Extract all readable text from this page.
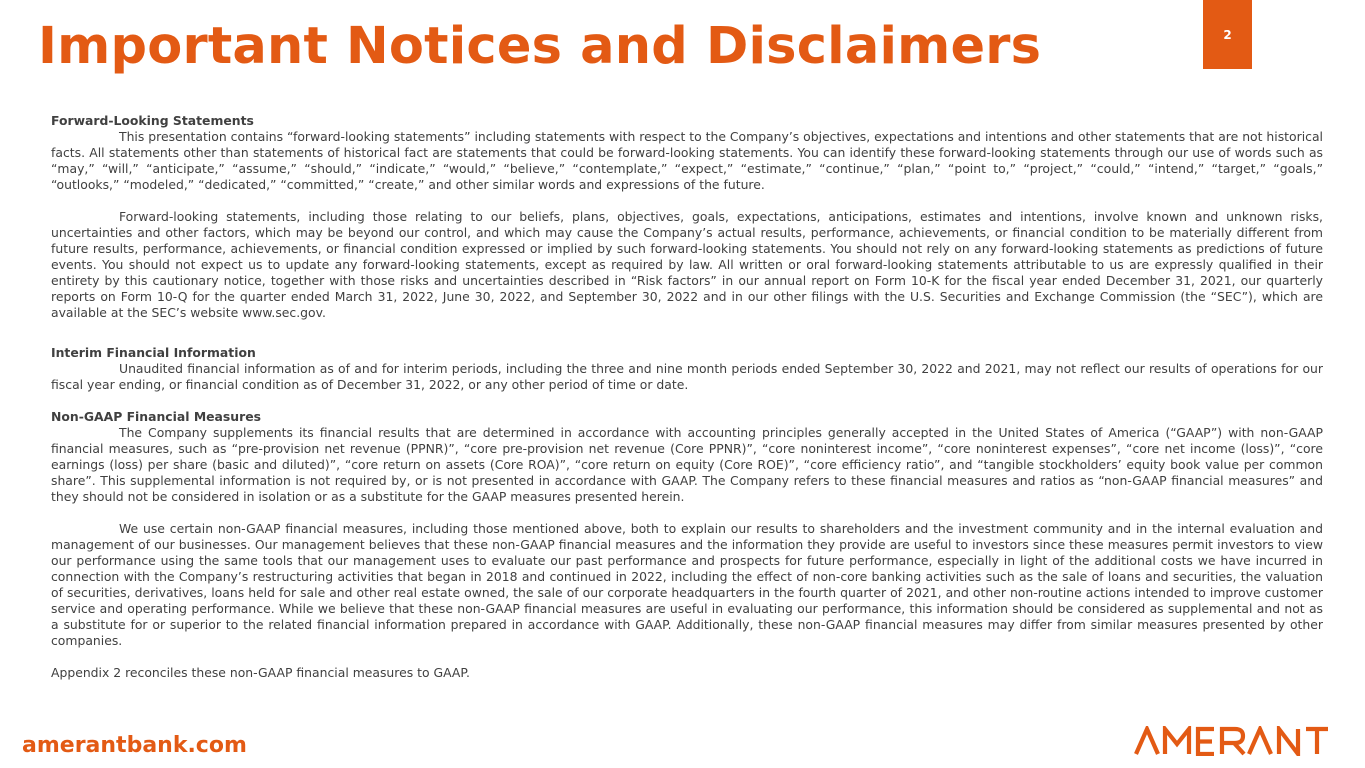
Important Notices and Disclaimers	2

Forward-Looking Statements

This presentation contains “forward-looking statements” including statements with respect to the Company’s objectives, expectations and intentions and other statements that are not historical facts. All statements other than statements of historical fact are statements that could be forward-looking statements. You can identify these forward-looking statements through our use of words such as “may,” “will,” “anticipate,” “assume,” “should,” “indicate,” “would,” “believe,” “contemplate,” “expect,” “estimate,” “continue,” “plan,” “point to,” “project,” “could,” “intend,” “target,” “goals,” “outlooks,” “modeled,” “dedicated,” “committed,” “create,” and other similar words and expressions of the future.

Forward-looking statements, including those relating to our beliefs, plans, objectives, goals, expectations, anticipations, estimates and intentions, involve known and unknown risks, uncertainties and other factors, which may be beyond our control, and which may cause the Company’s actual results, performance, achievements, or financial condition to be materially different from future results, performance, achievements, or financial condition expressed or implied by such forward-looking statements. You should not rely on any forward-looking statements as predictions of future events. You should not expect us to update any forward-looking statements, except as required by law. All written or oral forward-looking statements attributable to us are expressly qualified in their entirety by this cautionary notice, together with those risks and uncertainties described in “Risk factors” in our annual report on Form 10-K for the fiscal year ended December 31, 2021, our quarterly reports on Form 10-Q for the quarter ended March 31, 2022, June 30, 2022, and September 30, 2022 and in our other filings with the U.S. Securities and Exchange Commission (the “SEC”), which are available at the SEC’s website www.sec.gov.

Interim Financial Information

Unaudited financial information as of and for interim periods, including the three and nine month periods ended September 30, 2022 and 2021, may not reflect our results of operations for our fiscal year ending, or financial condition as of December 31, 2022, or any other period of time or date.

Non-GAAP Financial Measures

The Company supplements its financial results that are determined in accordance with accounting principles generally accepted in the United States of America (“GAAP”) with non-GAAP financial measures, such as “pre-provision net revenue (PPNR)”, “core pre-provision net revenue (Core PPNR)”, “core noninterest income”, “core noninterest expenses”, “core net income (loss)”, “core earnings (loss) per share (basic and diluted)”, “core return on assets (Core ROA)”, “core return on equity (Core ROE)”, “core efficiency ratio”, and “tangible stockholders’ equity book value per common share”. This supplemental information is not required by, or is not presented in accordance with GAAP. The Company refers to these financial measures and ratios as “non-GAAP financial measures” and they should not be considered in isolation or as a substitute for the GAAP measures presented herein.

We use certain non-GAAP financial measures, including those mentioned above, both to explain our results to shareholders and the investment community and in the internal evaluation and management of our businesses. Our management believes that these non-GAAP financial measures and the information they provide are useful to investors since these measures permit investors to view our performance using the same tools that our management uses to evaluate our past performance and prospects for future performance, especially in light of the additional costs we have incurred in connection with the Company’s restructuring activities that began in 2018 and continued in 2022, including the effect of non-core banking activities such as the sale of loans and securities, the valuation of securities, derivatives, loans held for sale and other real estate owned, the sale of our corporate headquarters in the fourth quarter of 2021, and other non-routine actions intended to improve customer service and operating performance. While we believe that these non-GAAP financial measures are useful in evaluating our performance, this information should be considered as supplemental and not as a substitute for or superior to the related financial information prepared in accordance with GAAP. Additionally, these non-GAAP financial measures may differ from similar measures presented by other companies.

Appendix 2 reconciles these non-GAAP financial measures to GAAP.

amerantbank.com
